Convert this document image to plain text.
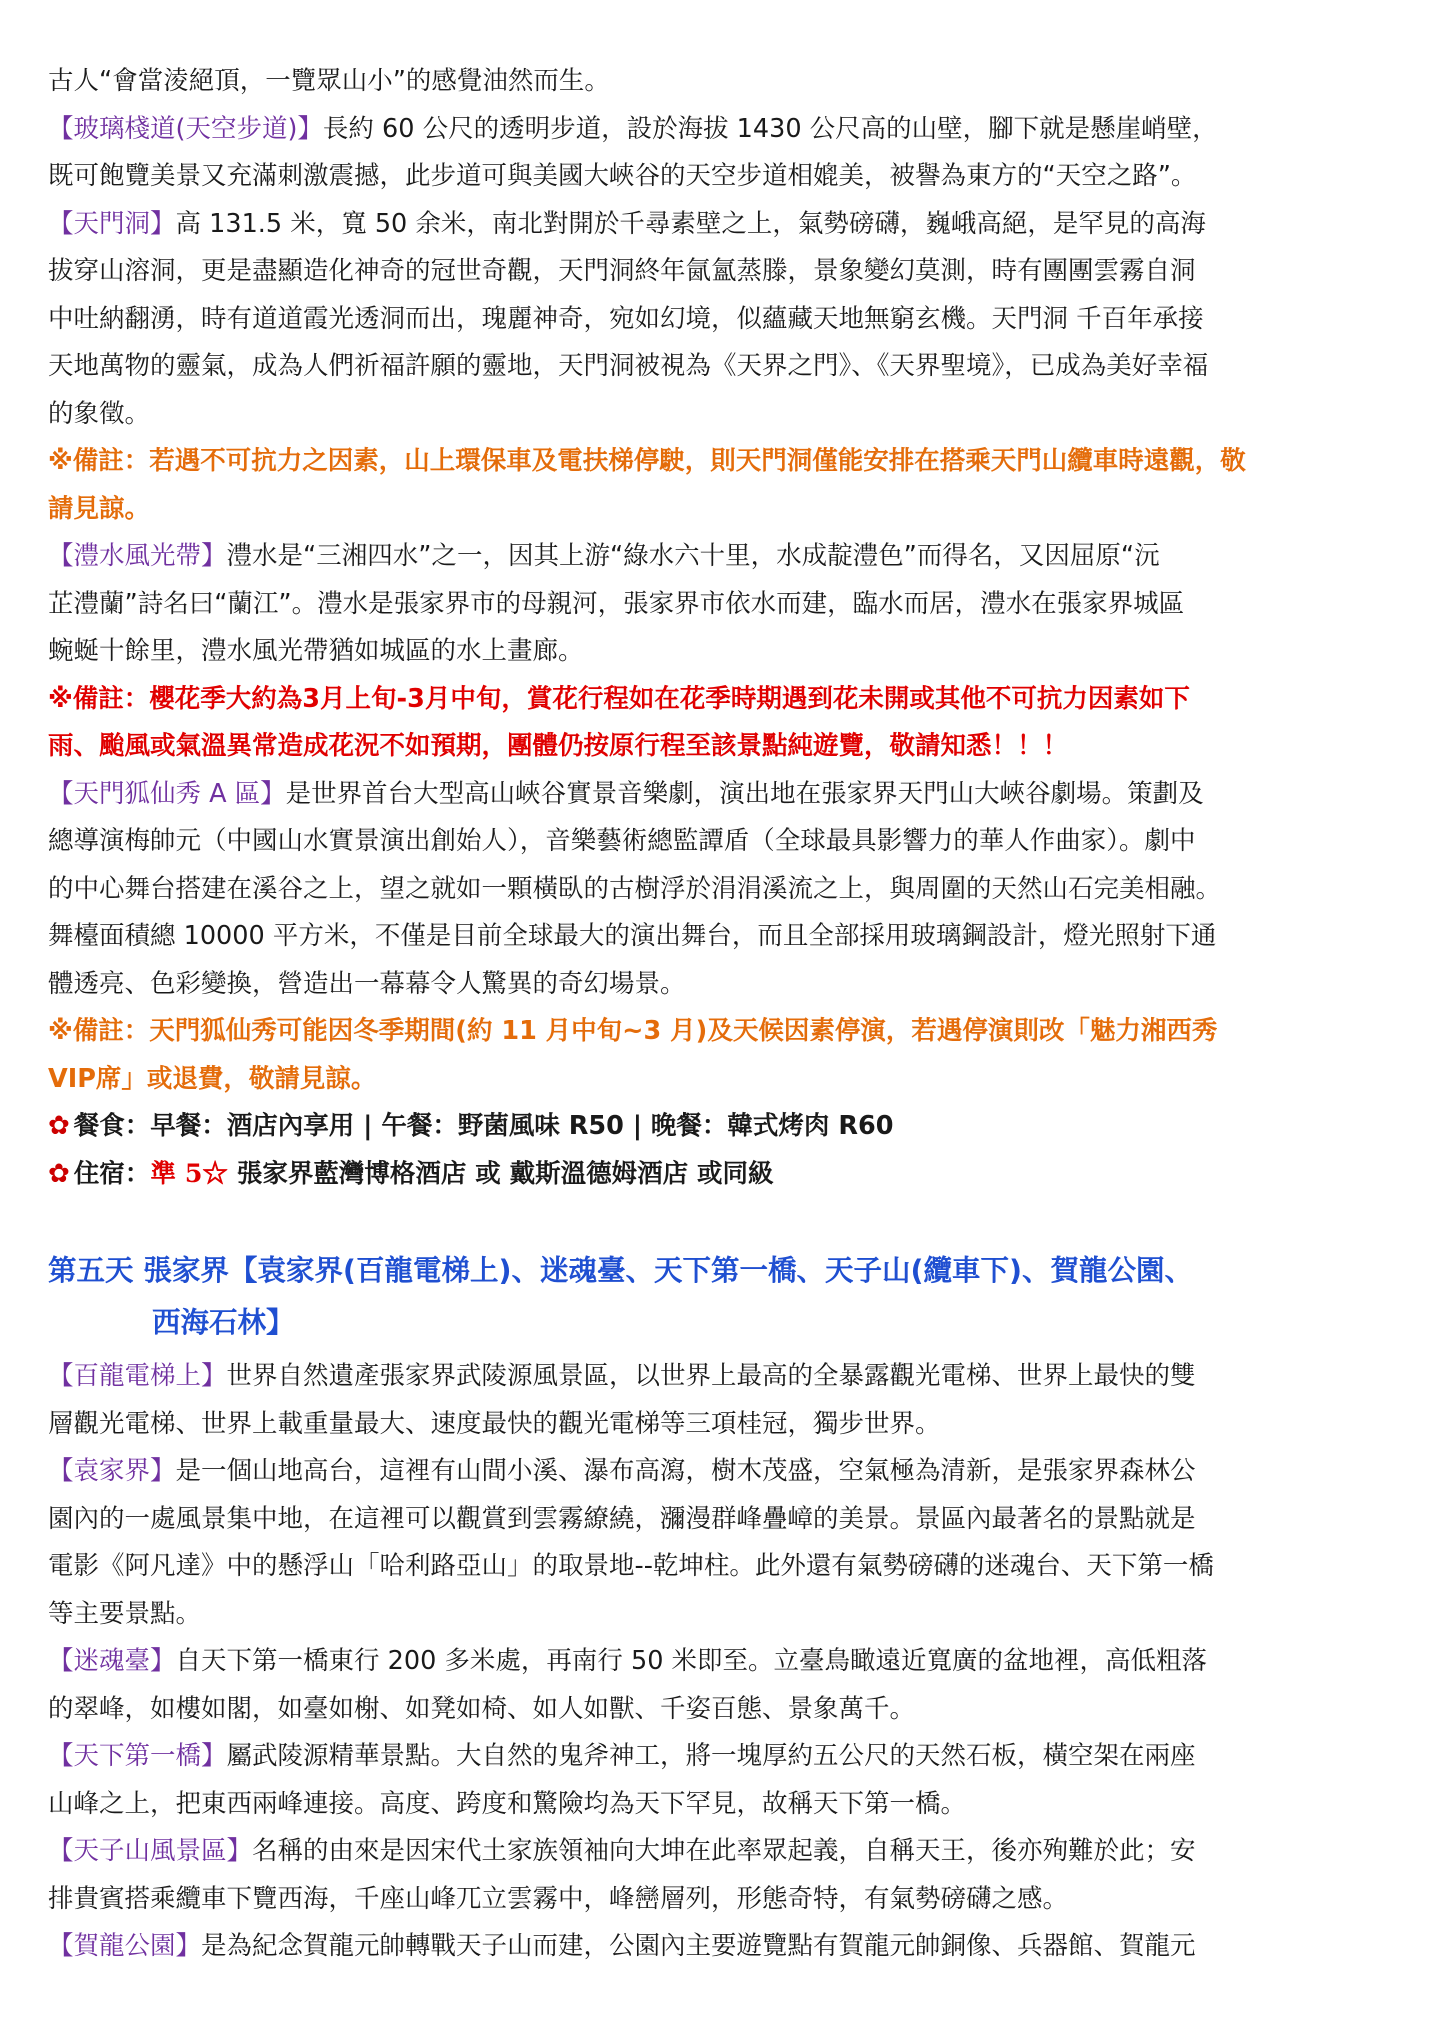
古人“會當淩絕頂，一覽眾山小”的感覺油然而生。

【玻璃棧道(天空步道)】長約 60 公尺的透明步道，設於海拔 1430 公尺高的山壁，腳下就是懸崖峭壁，

既可飽覽美景又充滿刺激震撼，此步道可與美國大峽谷的天空步道相媲美，被譽為東方的“天空之路”。

【天門洞】高 131.5 米，寬 50 余米，南北對開於千尋素壁之上，氣勢磅礴，巍峨高絕，是罕見的高海

拔穿山溶洞，更是盡顯造化神奇的冠世奇觀，天門洞終年氤氳蒸滕，景象變幻莫測，時有團團雲霧自洞

中吐納翻湧，時有道道霞光透洞而出，瑰麗神奇，宛如幻境，似蘊藏天地無窮玄機。天門洞 千百年承接

天地萬物的靈氣，成為人們祈福許願的靈地，天門洞被視為《天界之門》、《天界聖境》，已成為美好幸福

的象徵。

※備註：若遇不可抗力之因素，山上環保車及電扶梯停駛，則天門洞僅能安排在搭乘天門山纜車時遠觀，敬

請見諒。

【澧水風光帶】澧水是“三湘四水”之一，因其上游“綠水六十里，水成靛澧色”而得名，又因屈原“沅

芷澧蘭”詩名曰“蘭江”。澧水是張家界市的母親河，張家界市依水而建，臨水而居，澧水在張家界城區

蜿蜒十餘里，澧水風光帶猶如城區的水上畫廊。

※備註：櫻花季大約為3月上旬-3月中旬，賞花行程如在花季時期遇到花未開或其他不可抗力因素如下

雨、颱風或氣溫異常造成花況不如預期，團體仍按原行程至該景點純遊覽，敬請知悉！！！

【天門狐仙秀 A 區】是世界首台大型高山峽谷實景音樂劇，演出地在張家界天門山大峽谷劇場。策劃及

總導演梅帥元（中國山水實景演出創始人），音樂藝術總監譚盾（全球最具影響力的華人作曲家）。劇中

的中心舞台搭建在溪谷之上，望之就如一顆橫臥的古樹浮於涓涓溪流之上，與周圍的天然山石完美相融。

舞檯面積總 10000 平方米，不僅是目前全球最大的演出舞台，而且全部採用玻璃鋼設計，燈光照射下通

體透亮、色彩變換，營造出一幕幕令人驚異的奇幻場景。

※備註：天門狐仙秀可能因冬季期間(約 11 月中旬~3 月)及天候因素停演，若遇停演則改「魅力湘西秀

VIP席」或退費，敬請見諒。

✿ 餐食：早餐：酒店內享用 | 午餐：野菌風味 R50 | 晚餐：韓式烤肉 R60

✿ 住宿：準 5☆ 張家界藍灣博格酒店 或 戴斯溫德姆酒店 或同級

第五天 張家界【袁家界(百龍電梯上)、迷魂臺、天下第一橋、天子山(纜車下)、賀龍公園、

西海石林】

【百龍電梯上】世界自然遺產張家界武陵源風景區，以世界上最高的全暴露觀光電梯、世界上最快的雙

層觀光電梯、世界上載重量最大、速度最快的觀光電梯等三項桂冠，獨步世界。

【袁家界】是一個山地高台，這裡有山間小溪、瀑布高瀉，樹木茂盛，空氣極為清新，是張家界森林公

園內的一處風景集中地，在這裡可以觀賞到雲霧繚繞，瀰漫群峰疊嶂的美景。景區內最著名的景點就是

電影《阿凡達》中的懸浮山「哈利路亞山」的取景地--乾坤柱。此外還有氣勢磅礴的迷魂台、天下第一橋

等主要景點。

【迷魂臺】自天下第一橋東行 200 多米處，再南行 50 米即至。立臺鳥瞰遠近寬廣的盆地裡，高低粗落

的翠峰，如樓如閣，如臺如榭、如凳如椅、如人如獸、千姿百態、景象萬千。

【天下第一橋】屬武陵源精華景點。大自然的鬼斧神工，將一塊厚約五公尺的天然石板，橫空架在兩座

山峰之上，把東西兩峰連接。高度、跨度和驚險均為天下罕見，故稱天下第一橋。

【天子山風景區】名稱的由來是因宋代土家族領袖向大坤在此率眾起義，自稱天王，後亦殉難於此；安

排貴賓搭乘纜車下覽西海，千座山峰兀立雲霧中，峰巒層列，形態奇特，有氣勢磅礴之感。

【賀龍公園】是為紀念賀龍元帥轉戰天子山而建，公園內主要遊覽點有賀龍元帥銅像、兵器館、賀龍元
